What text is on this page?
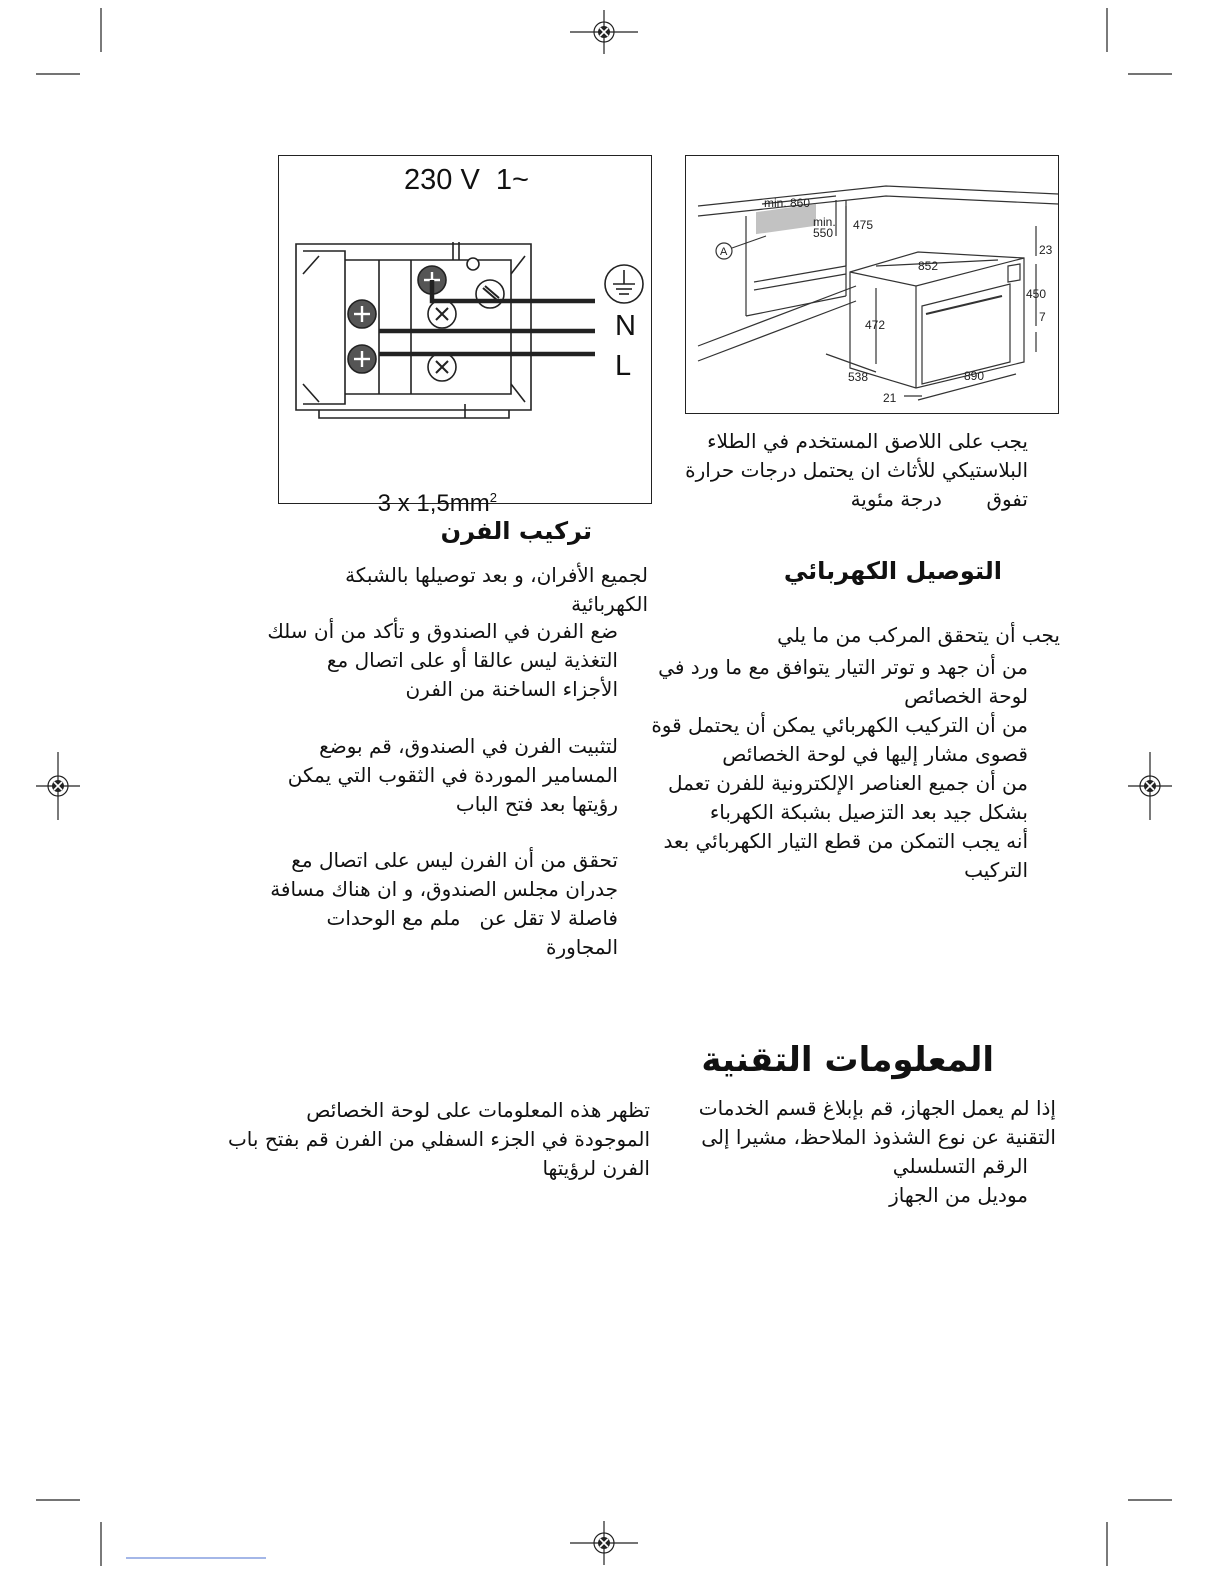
230 V  1~
N
L

3 x $1,5mm^2$

min. 860
min.
550
475
852
23
450
7
472
538	890
21
A
يجب على اللاصق المستخدم في الطلاء
البلاستيكي للأثاث ان يحتمل درجات حرارة
تفوق       درجة مئوية
التوصيل الكهربائي
يجب أن يتحقق المركب من ما يلي
من أن جهد و توتر التيار يتوافق مع ما ورد في
لوحة الخصائص
من أن التركيب الكهربائي يمكن أن يحتمل قوة
قصوى مشار إليها في لوحة الخصائص
من أن جميع العناصر الإلكترونية للفرن تعمل
بشكل جيد بعد التزصيل بشبكة الكهرباء
أنه يجب التمكن من قطع التيار الكهربائي بعد
التركيب
تركيب الفرن
لجميع الأفران، و بعد توصيلها بالشبكة
الكهربائية
ضع الفرن في الصندوق و تأكد من أن سلك
التغذية ليس عالقا أو على اتصال مع
الأجزاء الساخنة من الفرن
لتثبيت الفرن في الصندوق، قم بوضع
المسامير الموردة في الثقوب التي يمكن
رؤيتها بعد فتح الباب
تحقق من أن الفرن ليس على اتصال مع
جدران مجلس الصندوق، و ان هناك مسافة
فاصلة لا تقل عن   ملم مع الوحدات
المجاورة
المعلومات التقنية
إذا لم يعمل الجهاز، قم بإبلاغ قسم الخدمات
التقنية عن نوع الشذوذ الملاحظ، مشيرا إلى
الرقم التسلسلي
موديل من الجهاز
تظهر هذه المعلومات على لوحة الخصائص
الموجودة في الجزء السفلي من الفرن قم بفتح باب
الفرن لرؤيتها
